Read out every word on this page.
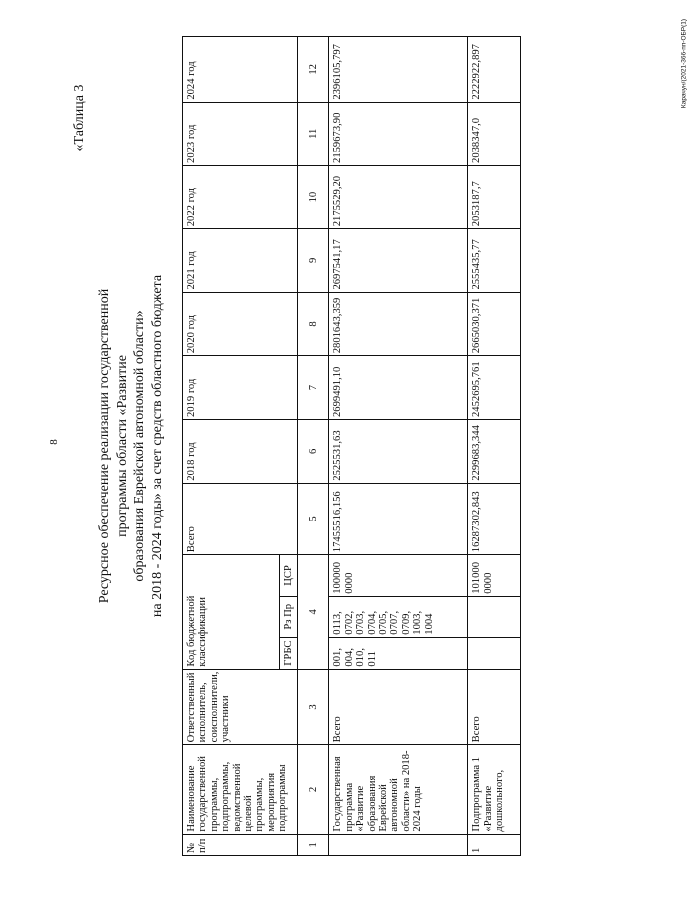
8
«Таблица 3
Карачун/(2021-366-пп-ОБР(1)
Ресурсное обеспечение реализации государственной программы области «Развитие образования Еврейской автономной области» на 2018 - 2024 годы» за счет средств областного бюджета
№ п/п	Наименование государственной программы, подпрограммы, ведомственной целевой программы, мероприятия подпрограммы	Ответственный исполнитель, соисполнители, участники	Код бюджетной классификации			Всего	2018 год	2019 год	2020 год	2021 год	2022 год	2023 год	2024 год
			ГРБС	Рз Пр	ЦСР								
1	2	3	4			5	6	7	8	9	10	11	12
	Государственная программа «Развитие образования Еврейской автономной области» на 2018-2024 годы	Всего	001, 004, 010, 011	0113, 0702, 0703, 0704, 0705, 0707, 0709, 1003, 1004	100000 0000	17455516,156	2525531,63	2699491,10	2801643,359	2697541,17	2175529,20	2159673,90	2396105,797
1	Подпрограмма 1 «Развитие дошкольного,	Всего			101000 0000	16287302,843	2299683,344	2452695,761	2665030,371	2555435,77	2053187,7	2038347,0	2222922,897
